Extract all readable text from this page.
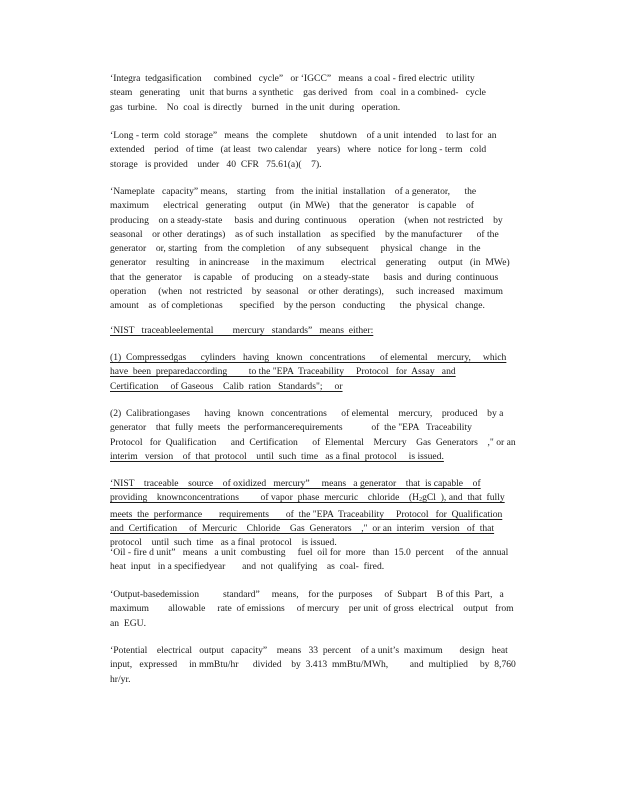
‘Integra  tedgasification     combined   cycle”   or ‘IGCC”   means  a coal - fired electric  utility
steam   generating    unit  that burns  a synthetic    gas derived   from   coal  in a combined-   cycle
gas  turbine.    No  coal  is directly    burned   in the unit  during   operation.

‘Long - term  cold  storage”   means   the  complete     shutdown    of a unit  intended    to last for  an
extended    period   of time   (at least   two calendar    years)   where   notice  for long - term   cold
storage   is provided    under   40  CFR   75.61(a)(    7).

‘Nameplate   capacity” means,    starting    from   the initial  installation    of a generator,      the
maximum      electrical   generating     output   (in  MWe)    that the  generator    is capable    of
producing    on a steady-state     basis  and during  continuous     operation    (when  not restricted    by
seasonal    or other  deratings)    as of such  installation    as specified    by the manufacturer      of the
generator    or, starting   from  the completion     of any  subsequent     physical   change    in  the
generator    resulting    in anincrease     in the maximum       electrical    generating     output   (in  MWe)
that  the  generator     is capable    of  producing    on  a steady-state      basis  and  during  continuous
operation     (when   not  restricted    by  seasonal    or other  deratings),     such  increased    maximum
amount    as  of completionas       specified    by the person   conducting      the  physical   change.

‘NIST   traceableelemental        mercury   standards”   means  either:

(1)  Compressedgas      cylinders   having   known   concentrations      of elemental    mercury,     which
have  been  preparedaccording         to the "EPA  Traceability     Protocol   for  Assay   and
Certification     of Gaseous    Calib  ration   Standards";     or

(2)  Calibrationgases      having   known   concentrations      of elemental    mercury,    produced    by a
generator    that  fully  meets   the  performancerequirements            of  the "EPA   Traceability
Protocol   for  Qualification      and  Certification      of  Elemental    Mercury    Gas  Generators    ," or an
interim   version    of  that  protocol    until  such  time   as a final  protocol     is issued.

‘NIST    traceable    source    of oxidized   mercury”     means   a generator    that  is capable    of
providing    knownconcentrations         of vapor  phase  mercuric    chloride    ($H_2gCl$  ), and  that  fully
meets  the  performance       requirements       of  the "EPA  Traceability     Protocol   for  Qualification
and  Certification     of  Mercuric    Chloride    Gas  Generators    ,"  or an  interim   version   of  that
protocol    until  such  time   as a final  protocol    is issued.

‘Oil - fire d unit”   means   a unit  combusting     fuel  oil for  more   than  15.0  percent     of the  annual
heat  input   in a specifiedyear       and  not  qualifying    as  coal-  fired.

‘Output-basedemission          standard”     means,    for the  purposes     of  Subpart    B of this  Part,   a
maximum        allowable     rate  of emissions     of mercury    per unit  of gross  electrical    output   from
an  EGU.

‘Potential    electrical   output   capacity”    means   33  percent    of a unit’s  maximum       design   heat
input,   expressed     in mmBtu/hr      divided    by  3.413  mmBtu/MWh,         and  multiplied     by  8,760
hr/yr.
